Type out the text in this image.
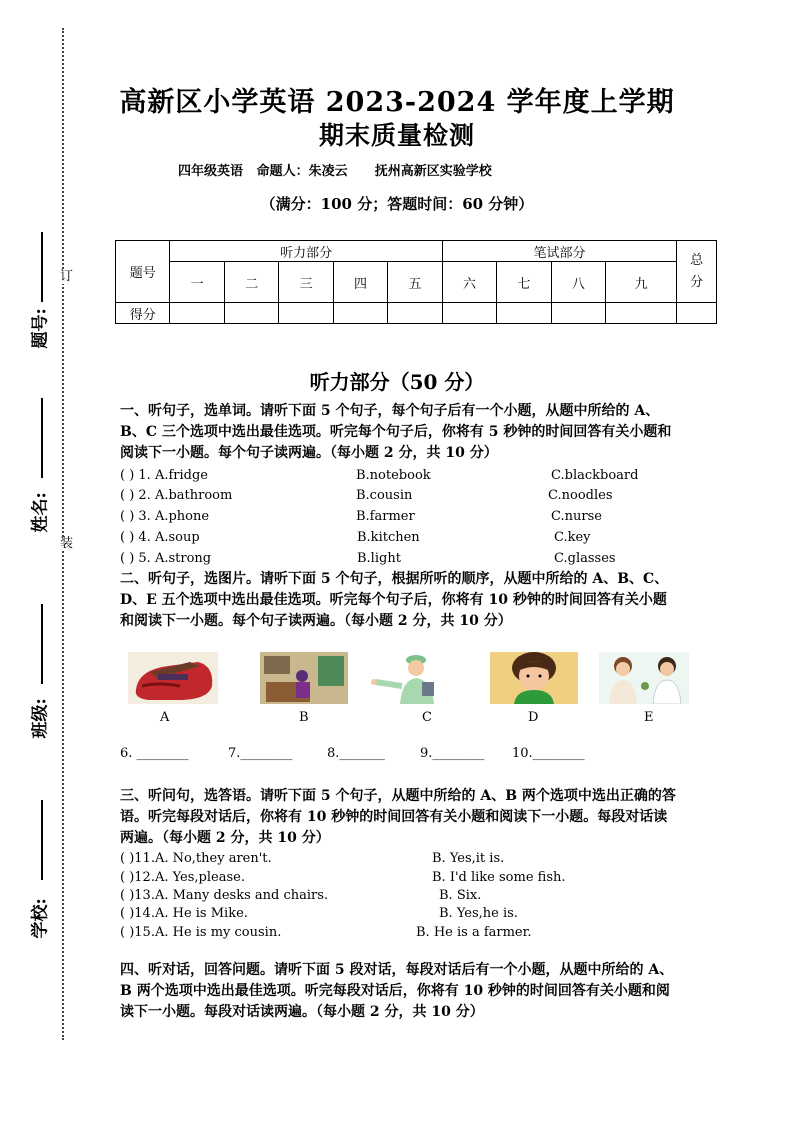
订
装
题号:
姓名:
班级:
学校:
高新区小学英语 2023-2024 学年度上学期
期末质量检测
四年级英语   命题人：朱凌云      抚州高新区实验学校
（满分：100 分；答题时间：60 分钟）
题号	听力部分					笔试部分				总
分
	一	二	三	四	五	六	七	八	九	
得分										
听力部分（50 分）
一、听句子，选单词。请听下面 5 个句子，每个句子后有一个小题，从题中所给的 A、B、C 三个选项中选出最佳选项。听完每个句子后，你将有 5 秒钟的时间回答有关小题和阅读下一小题。每个句子读两遍。（每小题 2 分，共 10 分）
( ) 1. A.fridge	B.notebook	C.blackboard
( ) 2. A.bathroom	B.cousin	C.noodles
( ) 3. A.phone	B.farmer	C.nurse
( ) 4. A.soup	B.kitchen	C.key
( ) 5. A.strong	B.light	C.glasses
二、听句子，选图片。请听下面 5 个句子，根据所听的顺序，从题中所给的 A、B、C、D、E 五个选项中选出最佳选项。听完每个句子后，你将有 10 秒钟的时间回答有关小题和阅读下一小题。每个句子读两遍。（每小题 2 分，共 10 分）
A	B	C	D	E
6. ________	7.________	8._______	9.________ 10.________
三、听问句，选答语。请听下面 5 个句子，从题中所给的 A、B 两个选项中选出正确的答语。听完每段对话后，你将有 10 秒钟的时间回答有关小题和阅读下一小题。每段对话读两遍。（每小题 2 分，共 10 分）
( )11.A. No,they aren't.	B. Yes,it is.
( )12.A. Yes,please.	B. I'd like some fish.
( )13.A. Many desks and chairs.	B. Six.
( )14.A. He is Mike.	B. Yes,he is.
( )15.A. He is my cousin.	B. He is a farmer.
四、听对话，回答问题。请听下面 5 段对话，每段对话后有一个小题，从题中所给的 A、B 两个选项中选出最佳选项。听完每段对话后，你将有 10 秒钟的时间回答有关小题和阅读下一小题。每段对话读两遍。（每小题 2 分，共 10 分）
